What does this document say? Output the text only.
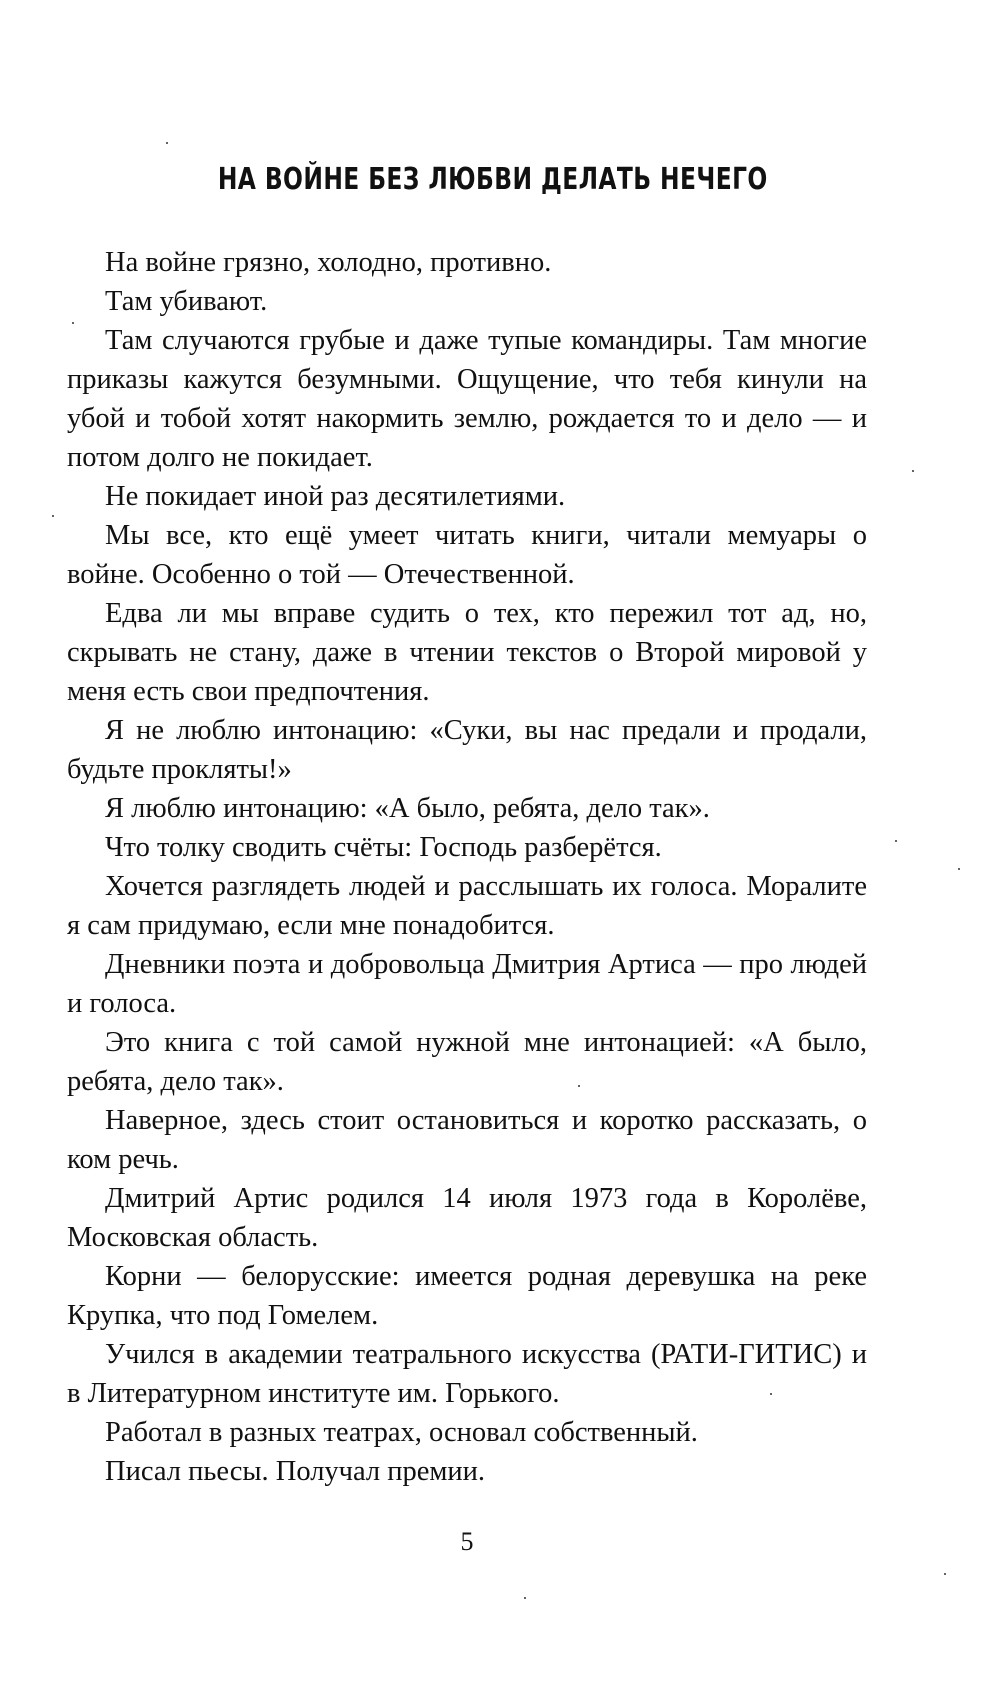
НА ВОЙНЕ БЕЗ ЛЮБВИ ДЕЛАТЬ НЕЧЕГО

На войне грязно, холодно, противно.

Там убивают.

Там случаются грубые и даже тупые командиры. Там многие приказы кажутся безумными. Ощущение, что тебя кинули на убой и тобой хотят накормить землю, рождается то и дело — и потом долго не покидает.

Не покидает иной раз десятилетиями.

Мы все, кто ещё умеет читать книги, читали мемуары о войне. Особенно о той — Отечественной.

Едва ли мы вправе судить о тех, кто пережил тот ад, но, скрывать не стану, даже в чтении текстов о Второй мировой у меня есть свои предпочтения.

Я не люблю интонацию: «Суки, вы нас предали и продали, будьте прокляты!»

Я люблю интонацию: «А было, ребята, дело так».

Что толку сводить счёты: Господь разберётся.

Хочется разглядеть людей и расслышать их голоса. Моралите я сам придумаю, если мне понадобится.

Дневники поэта и добровольца Дмитрия Артиса — про людей и голоса.

Это книга с той самой нужной мне интонацией: «А было, ребята, дело так».

Наверное, здесь стоит остановиться и коротко рассказать, о ком речь.

Дмитрий Артис родился 14 июля 1973 года в Королёве, Московская область.

Корни — белорусские: имеется родная деревушка на реке Крупка, что под Гомелем.

Учился в академии театрального искусства (РАТИ-ГИТИС) и в Литературном институте им. Горького.

Работал в разных театрах, основал собственный.

Писал пьесы. Получал премии.

5
